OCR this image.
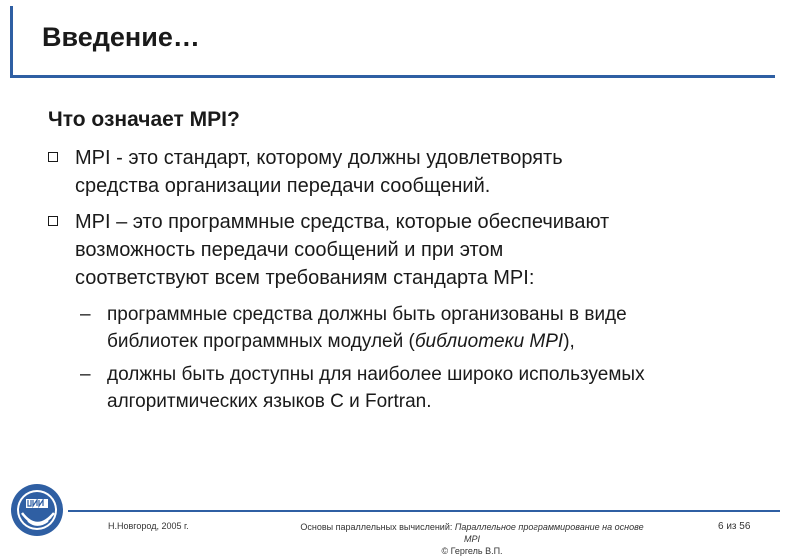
Введение…
Что означает MPI?
MPI - это стандарт, которому должны удовлетворять
средства организации передачи сообщений.
MPI – это программные средства, которые обеспечивают
возможность передачи сообщений и при этом
соответствуют всем требованиям стандарта MPI:
– программные средства должны быть организованы в виде
библиотек программных модулей (библиотеки MPI),
– должны быть доступны для наиболее широко используемых
алгоритмических языков C и Fortran.
Н.Новгород, 2005 г.	Основы параллельных вычислений: Параллельное программирование на основе
MPI
© Гергель В.П.
6 из 56
